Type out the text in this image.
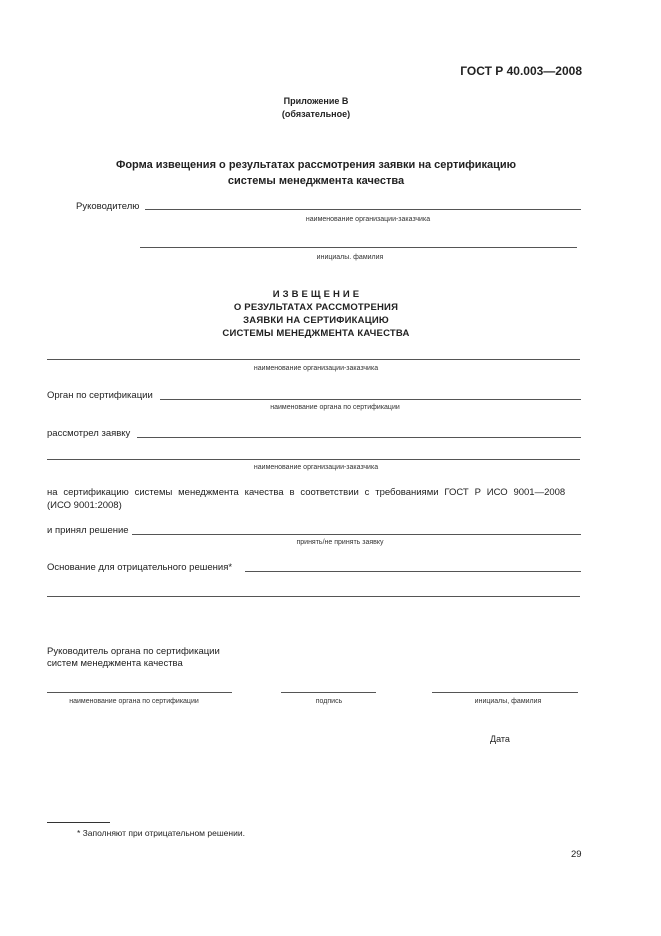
ГОСТ Р 40.003—2008
Приложение В
(обязательное)
Форма извещения о результатах рассмотрения заявки на сертификацию
системы менеджмента качества
Руководителю
наименование организации-заказчика
инициалы. фамилия
И З В Е Щ Е Н И Е
О РЕЗУЛЬТАТАХ РАССМОТРЕНИЯ
ЗАЯВКИ НА СЕРТИФИКАЦИЮ
СИСТЕМЫ МЕНЕДЖМЕНТА КАЧЕСТВА
наименование организации-заказчика
Орган по сертификации
наименование органа по сертификации
рассмотрел заявку
наименование организации-заказчика
на сертификацию системы менеджмента качества в соответствии с требованиями ГОСТ Р ИСО 9001—2008
(ИСО 9001:2008)
и принял решение
принять/не принять заявку
Основание для отрицательного решения*
Руководитель органа по сертификации
систем менеджмента качества
наименование органа по сертификации	подпись	инициалы, фамилия
Дата
* Заполняют при отрицательном решении.
29
